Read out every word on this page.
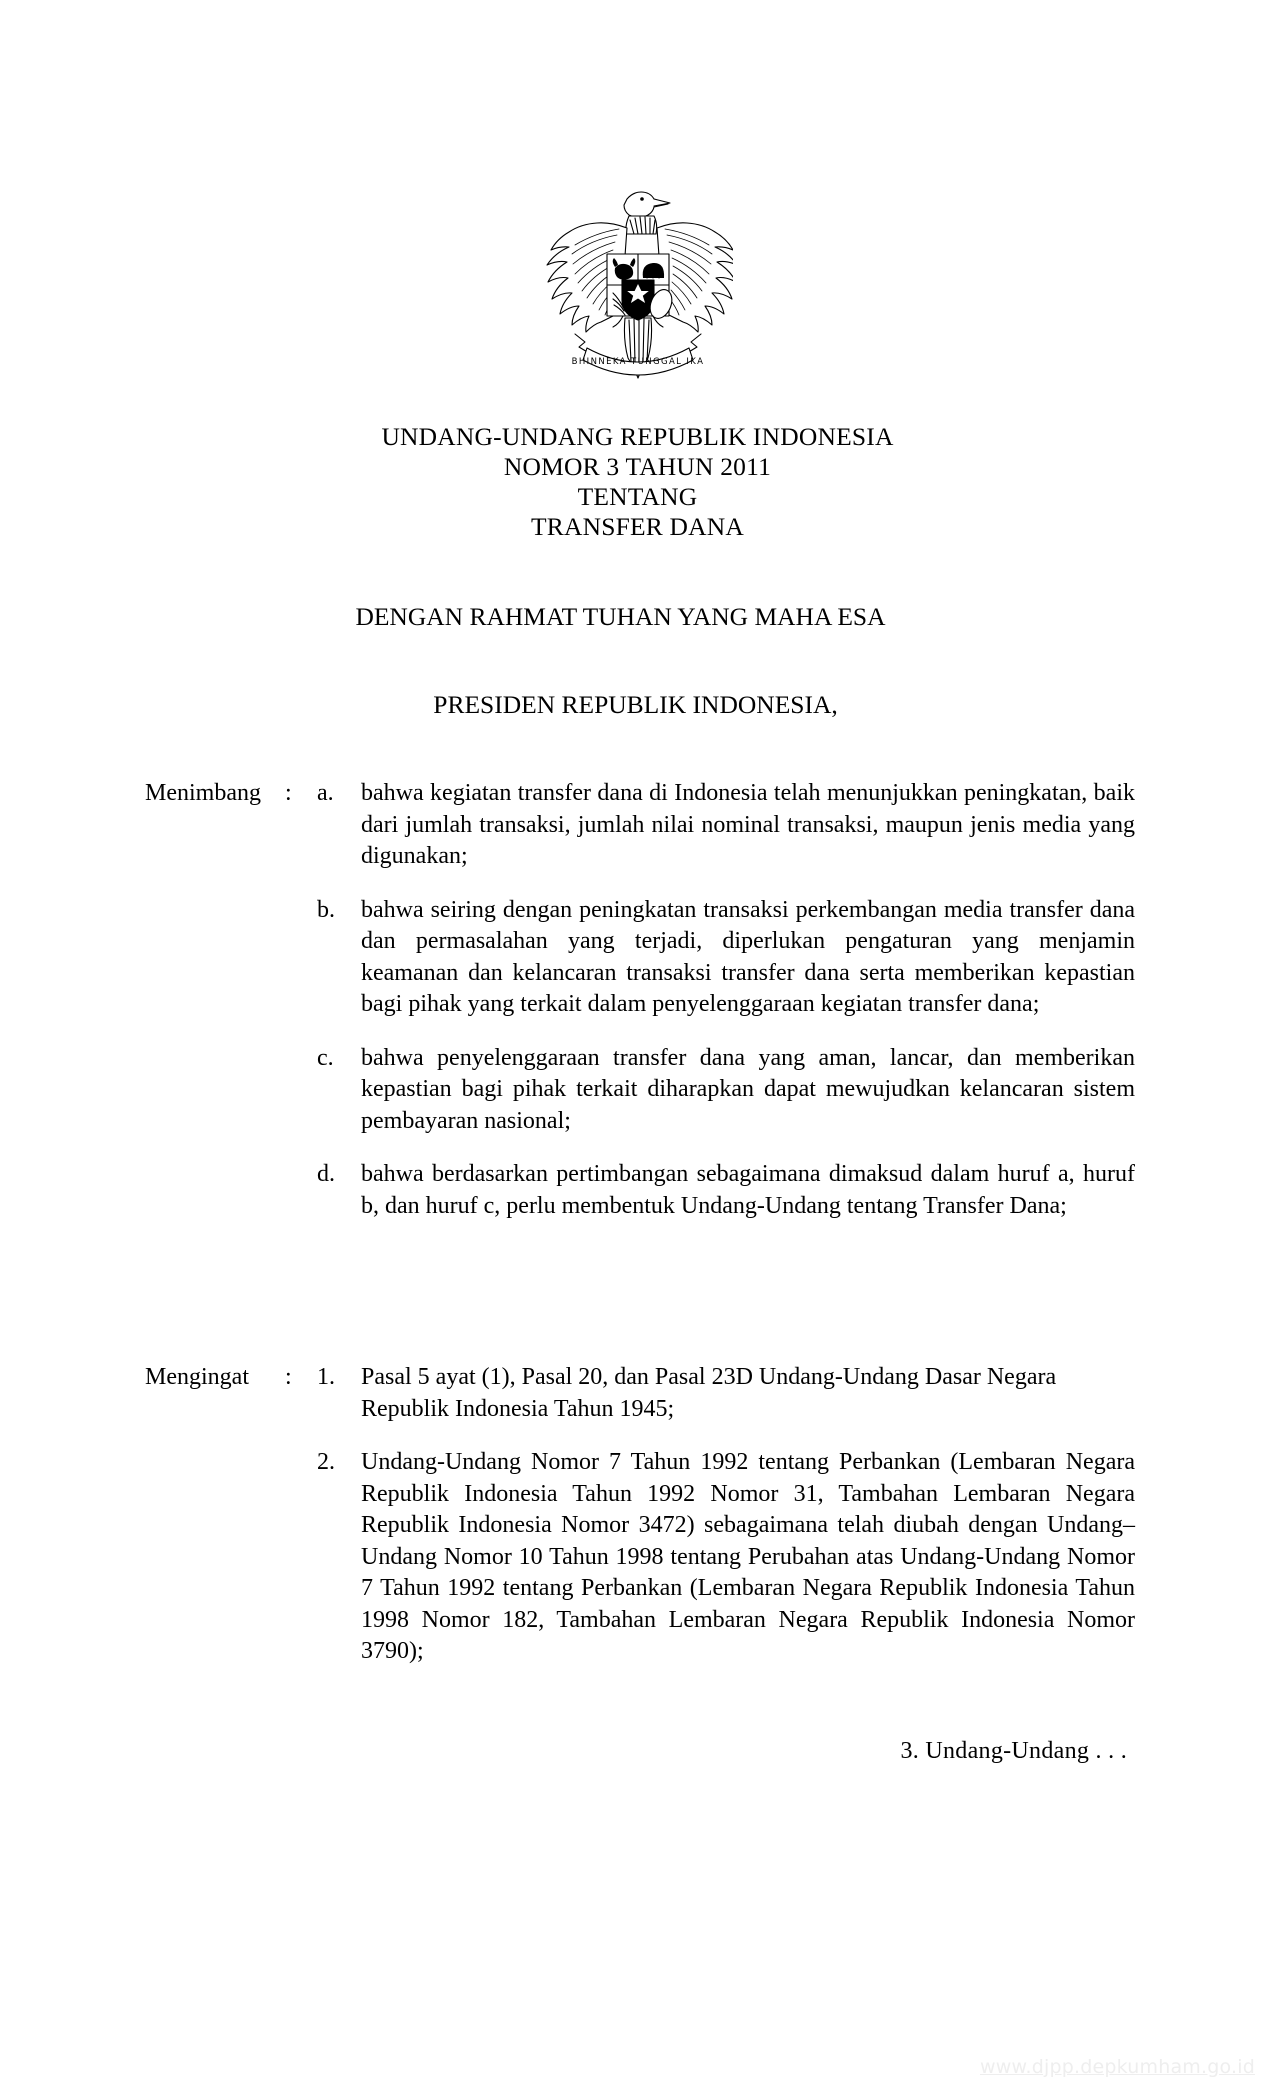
BHINNEKA TUNGGAL IKA
UNDANG-UNDANG REPUBLIK INDONESIA
NOMOR 3 TAHUN 2011
TENTANG
TRANSFER DANA
DENGAN RAHMAT TUHAN YANG MAHA ESA
PRESIDEN REPUBLIK INDONESIA,
Menimbang	:	a.	bahwa kegiatan transfer dana di Indonesia telah menunjukkan peningkatan, baik dari jumlah transaksi, jumlah nilai nominal transaksi, maupun jenis media yang digunakan;
b.	bahwa seiring dengan peningkatan transaksi perkembangan media transfer dana dan permasalahan yang terjadi, diperlukan pengaturan yang menjamin keamanan dan kelancaran transaksi transfer dana serta memberikan kepastian bagi pihak yang terkait dalam penyelenggaraan kegiatan transfer dana;
c.	bahwa penyelenggaraan transfer dana yang aman, lancar, dan memberikan kepastian bagi pihak terkait diharapkan dapat mewujudkan kelancaran sistem pembayaran nasional;
d.	bahwa berdasarkan pertimbangan sebagaimana dimaksud dalam huruf a, huruf b, dan huruf c, perlu membentuk Undang-Undang tentang Transfer Dana;
Mengingat	:	1.	Pasal 5 ayat (1), Pasal 20, dan Pasal 23D Undang-Undang Dasar Negara Republik Indonesia Tahun 1945;
2.	Undang-Undang Nomor 7 Tahun 1992 tentang Perbankan (Lembaran Negara Republik Indonesia Tahun 1992 Nomor 31, Tambahan Lembaran Negara Republik Indonesia Nomor 3472) sebagaimana telah diubah dengan Undang–Undang Nomor 10 Tahun 1998 tentang Perubahan atas Undang-Undang Nomor 7 Tahun 1992 tentang Perbankan (Lembaran Negara Republik Indonesia Tahun 1998 Nomor 182, Tambahan Lembaran Negara Republik Indonesia Nomor 3790);
3. Undang-Undang . . .
www.djpp.depkumham.go.id
